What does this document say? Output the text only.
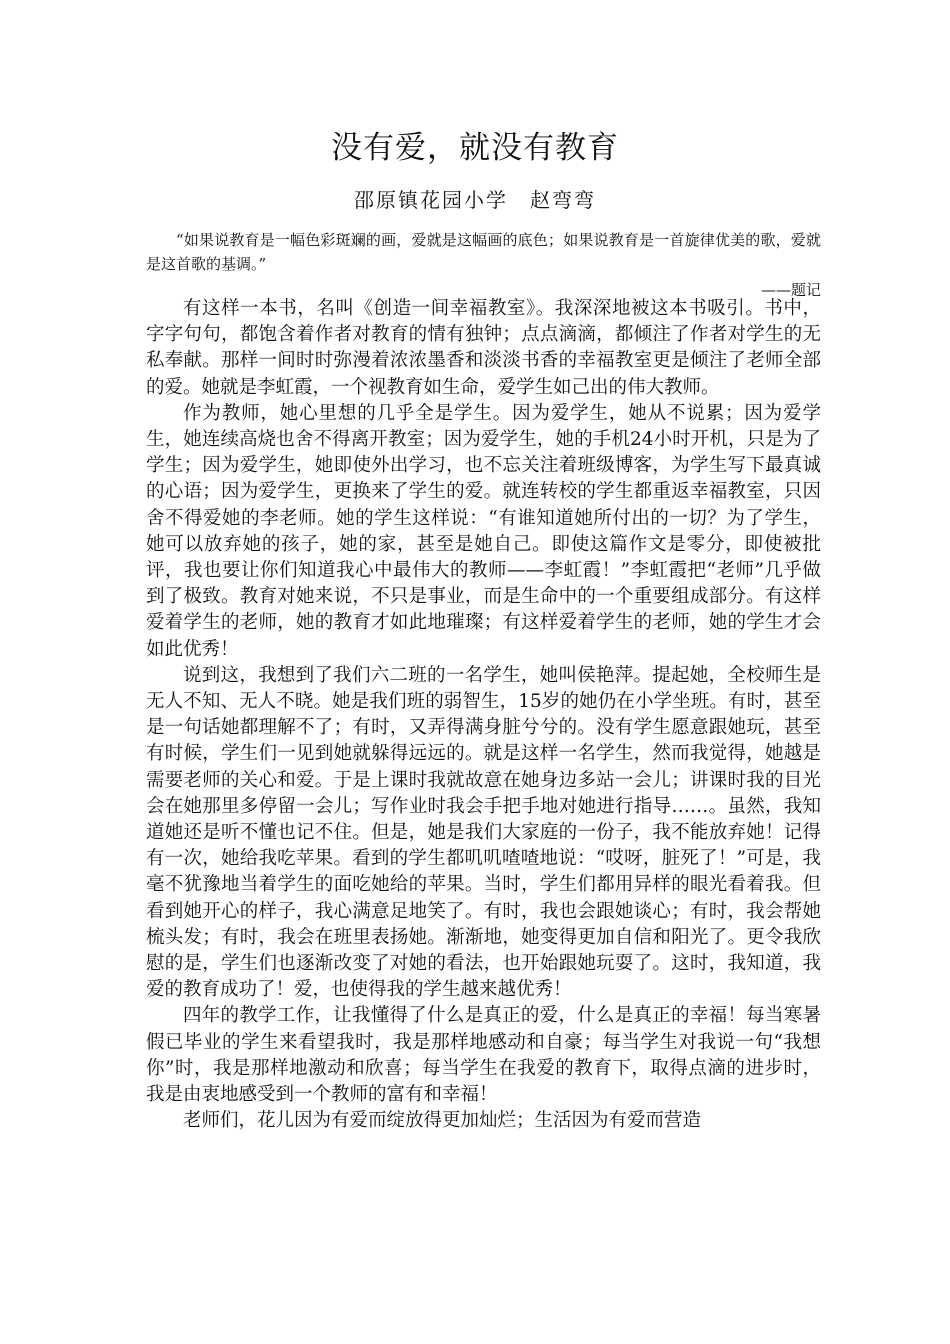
没有爱，就没有教育
邵原镇花园小学　赵弯弯

“如果说教育是一幅色彩斑斓的画，爱就是这幅画的底色；如果说教育是一首旋律优美的歌，爱就是这首歌的基调。”

——题记

有这样一本书，名叫《创造一间幸福教室》。我深深地被这本书吸引。书中，字字句句，都饱含着作者对教育的情有独钟；点点滴滴，都倾注了作者对学生的无私奉献。那样一间时时弥漫着浓浓墨香和淡淡书香的幸福教室更是倾注了老师全部的爱。她就是李虹霞，一个视教育如生命，爱学生如己出的伟大教师。

作为教师，她心里想的几乎全是学生。因为爱学生，她从不说累；因为爱学生，她连续高烧也舍不得离开教室；因为爱学生，她的手机24小时开机，只是为了学生；因为爱学生，她即使外出学习，也不忘关注着班级博客，为学生写下最真诚的心语；因为爱学生，更换来了学生的爱。就连转校的学生都重返幸福教室，只因舍不得爱她的李老师。她的学生这样说：“有谁知道她所付出的一切？为了学生，她可以放弃她的孩子，她的家，甚至是她自己。即使这篇作文是零分，即使被批评，我也要让你们知道我心中最伟大的教师——李虹霞！”李虹霞把“老师”几乎做到了极致。教育对她来说，不只是事业，而是生命中的一个重要组成部分。有这样爱着学生的老师，她的教育才如此地璀璨；有这样爱着学生的老师，她的学生才会如此优秀！

说到这，我想到了我们六二班的一名学生，她叫侯艳萍。提起她，全校师生是无人不知、无人不晓。她是我们班的弱智生，15岁的她仍在小学坐班。有时，甚至是一句话她都理解不了；有时，又弄得满身脏兮兮的。没有学生愿意跟她玩，甚至有时候，学生们一见到她就躲得远远的。就是这样一名学生，然而我觉得，她越是需要老师的关心和爱。于是上课时我就故意在她身边多站一会儿；讲课时我的目光会在她那里多停留一会儿；写作业时我会手把手地对她进行指导……。虽然，我知道她还是听不懂也记不住。但是，她是我们大家庭的一份子，我不能放弃她！记得有一次，她给我吃苹果。看到的学生都叽叽喳喳地说：“哎呀，脏死了！”可是，我毫不犹豫地当着学生的面吃她给的苹果。当时，学生们都用异样的眼光看着我。但看到她开心的样子，我心满意足地笑了。有时，我也会跟她谈心；有时，我会帮她梳头发；有时，我会在班里表扬她。渐渐地，她变得更加自信和阳光了。更令我欣慰的是，学生们也逐渐改变了对她的看法，也开始跟她玩耍了。这时，我知道，我爱的教育成功了！爱，也使得我的学生越来越优秀！

四年的教学工作，让我懂得了什么是真正的爱，什么是真正的幸福！每当寒暑假已毕业的学生来看望我时，我是那样地感动和自豪；每当学生对我说一句“我想你”时，我是那样地激动和欣喜；每当学生在我爱的教育下，取得点滴的进步时，我是由衷地感受到一个教师的富有和幸福！

老师们，花儿因为有爱而绽放得更加灿烂；生活因为有爱而营造
